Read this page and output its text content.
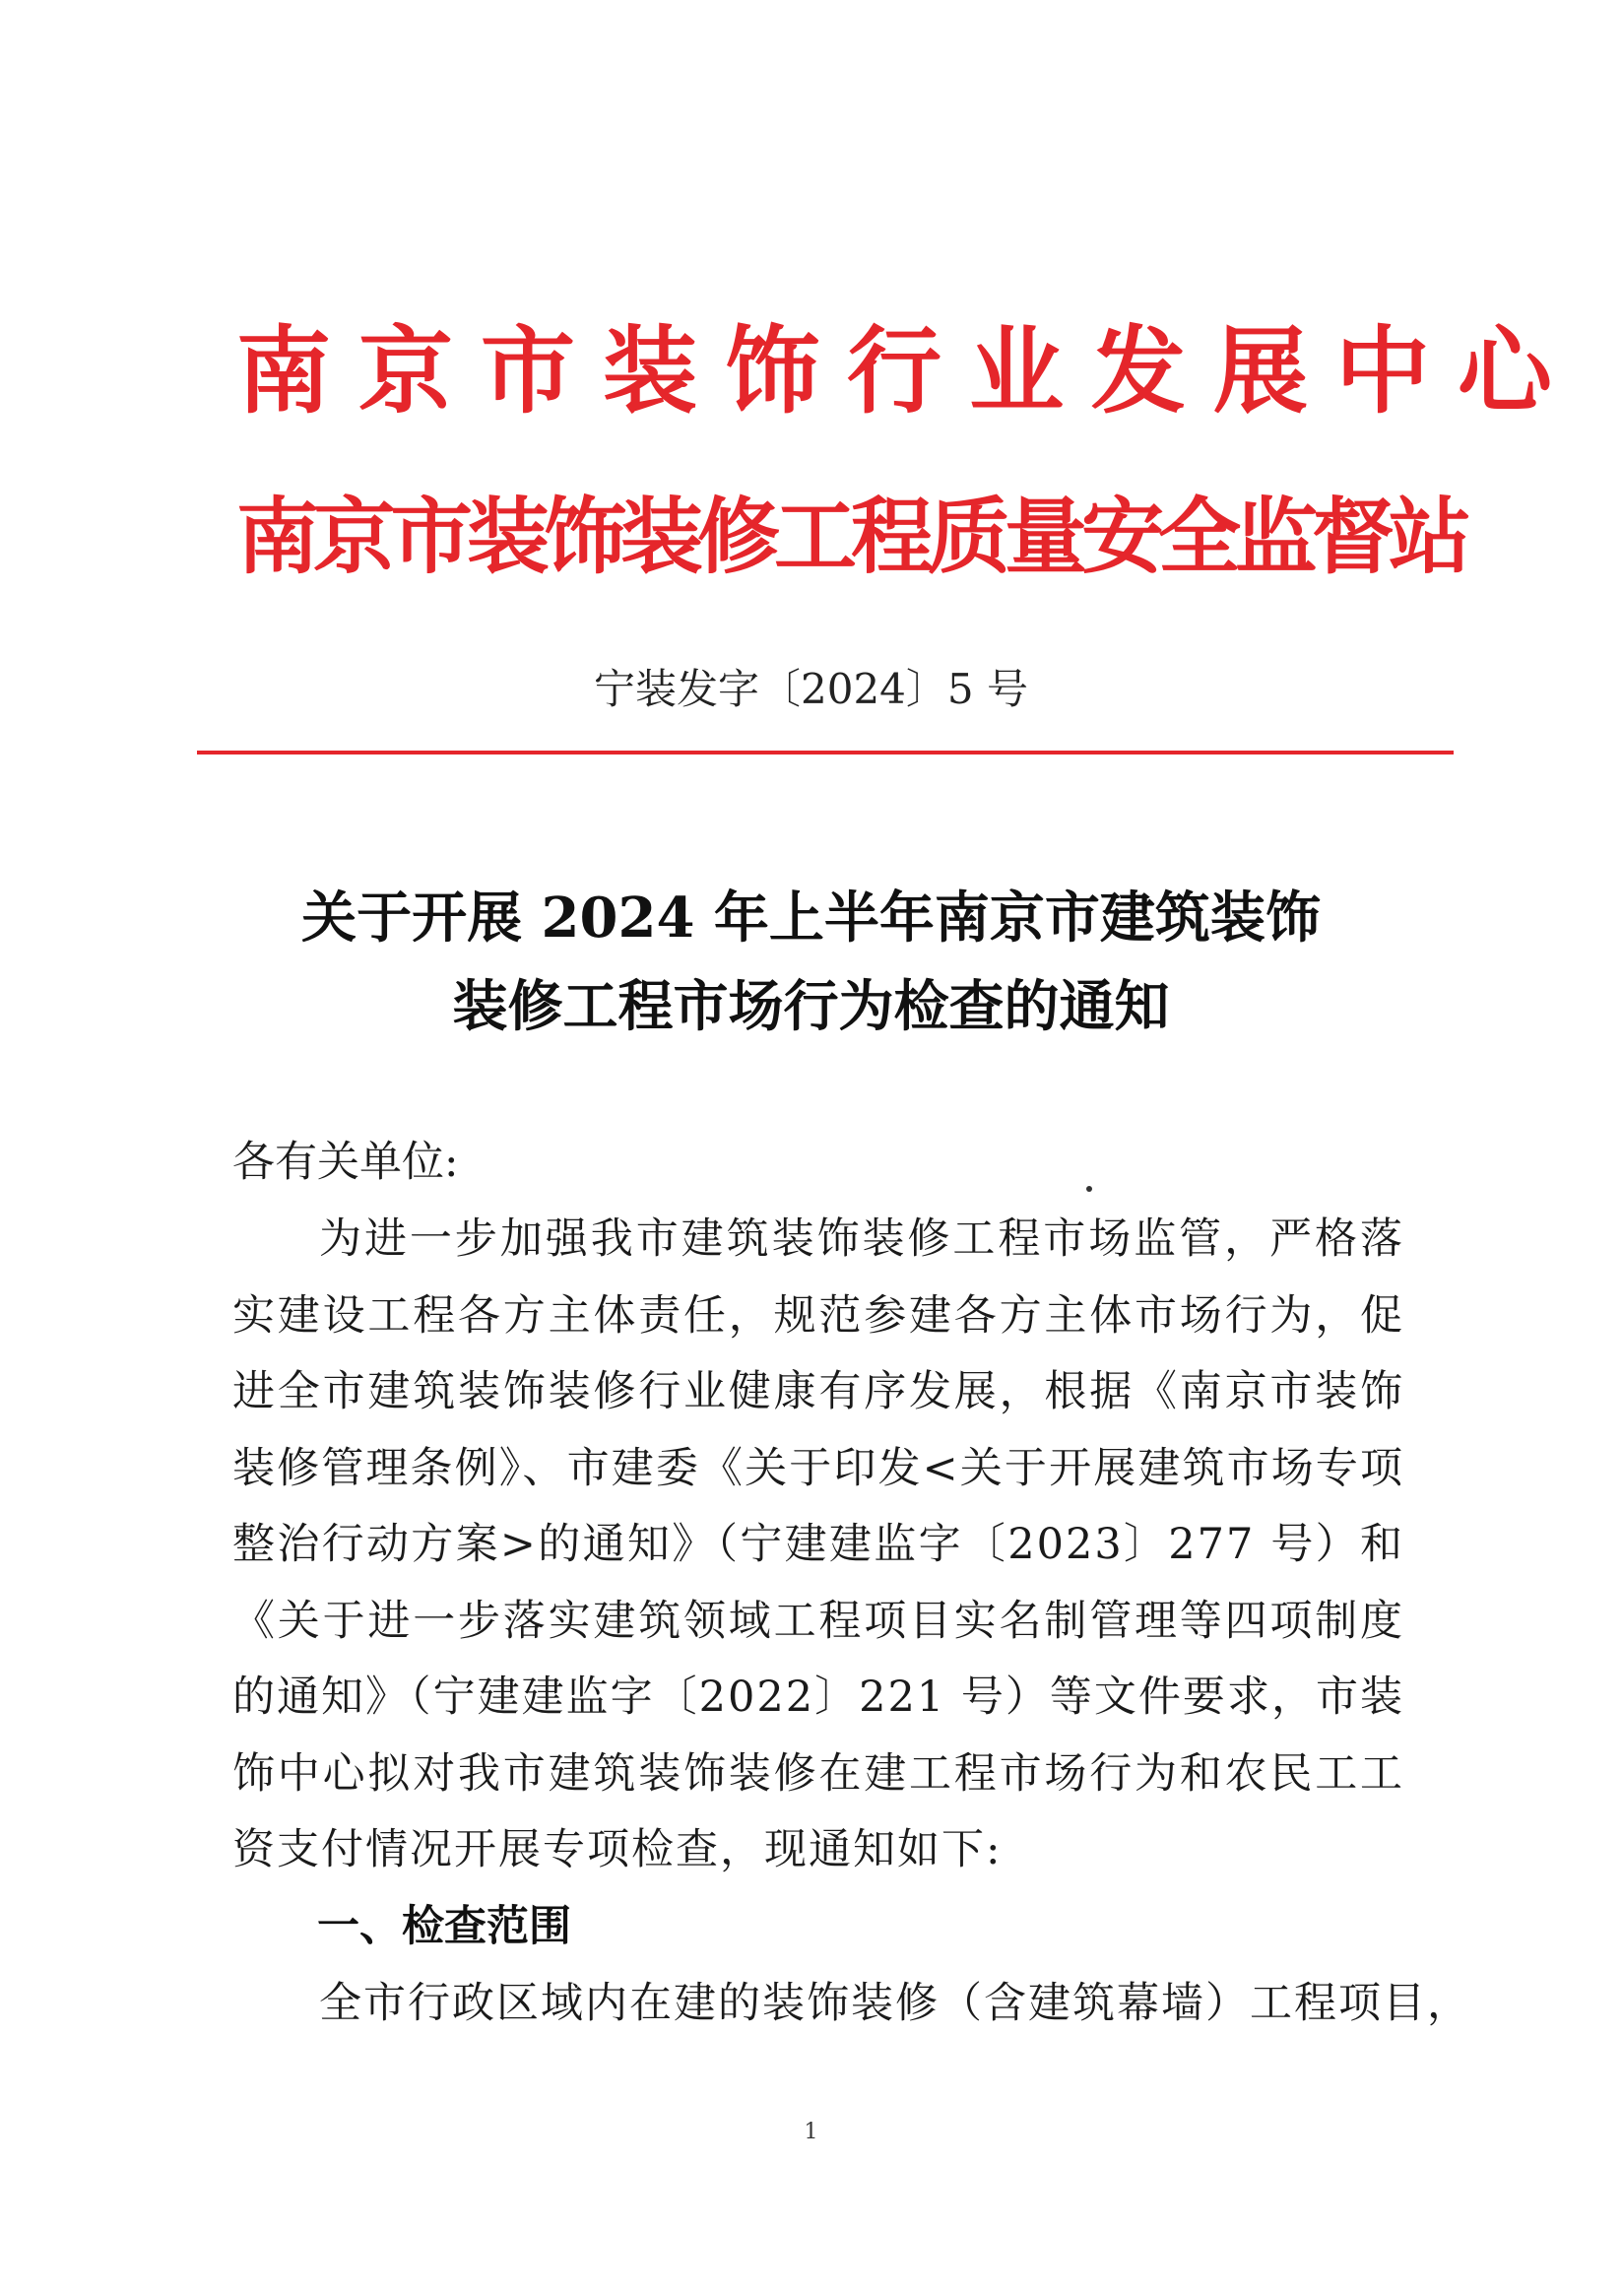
南京市装饰行业发展中心
南京市装饰装修工程质量安全监督站
宁装发字〔2024〕5 号
关于开展 2024 年上半年南京市建筑装饰
装修工程市场行为检查的通知
各有关单位:
为进一步加强我市建筑装饰装修工程市场监管，严格落实建设工程各方主体责任，规范参建各方主体市场行为，促进全市建筑装饰装修行业健康有序发展，根据《南京市装饰装修管理条例》、市建委《关于印发<关于开展建筑市场专项整治行动方案>的通知》（宁建建监字〔2023〕277 号）和《关于进一步落实建筑领域工程项目实名制管理等四项制度的通知》（宁建建监字〔2022〕221 号）等文件要求，市装饰中心拟对我市建筑装饰装修在建工程市场行为和农民工工资支付情况开展专项检查，现通知如下:
一、检查范围
全市行政区域内在建的装饰装修（含建筑幕墙）工程项目，
1
